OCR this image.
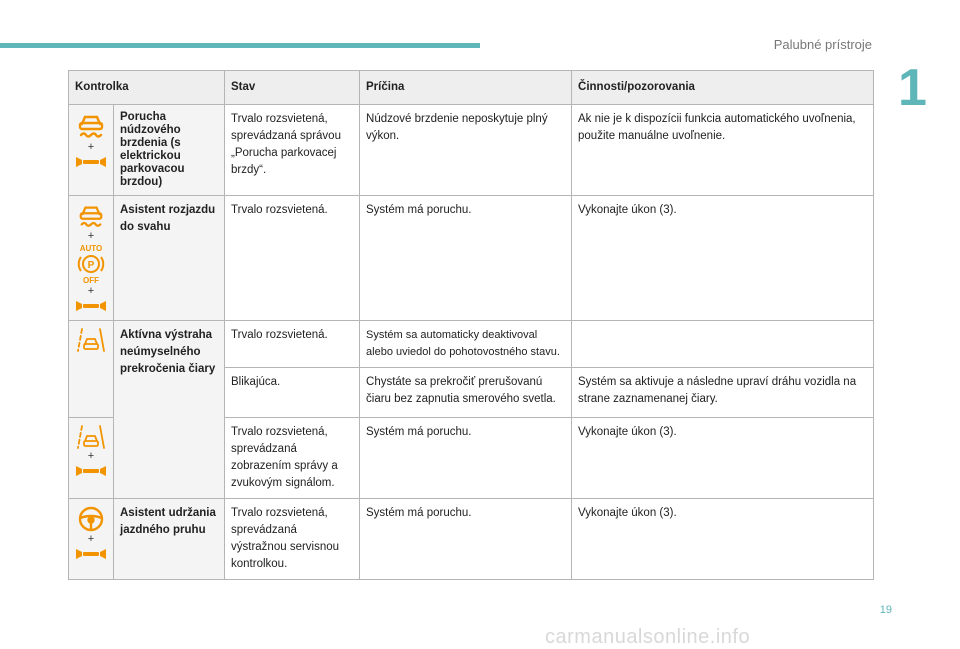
Palubné prístroje
1
Kontrolka		Stav	Príčina	Činnosti/pozorovania

+	Porucha núdzového brzdenia (s elektrickou parkovacou brzdou)	Trvalo rozsvietená, sprevádzaná správou „Porucha parkovacej brzdy“.	Núdzové brzdenie neposkytuje plný výkon.	Ak nie je k dispozícii funkcia automatického uvoľnenia, použite manuálne uvoľnenie.

+
AUTO
P
OFF
+	Asistent rozjazdu do svahu	Trvalo rozsvietená.	Systém má poruchu.	Vykonajte úkon (3).

	Aktívna výstraha neúmyselného prekročenia čiary	Trvalo rozsvietená.	Systém sa automaticky deaktivoval alebo uviedol do pohotovostného stavu.	
		Blikajúca.	Chystáte sa prekročiť prerušovanú čiaru bez zapnutia smerového svetla.	Systém sa aktivuje a následne upraví dráhu vozidla na strane zaznamenanej čiary.

+		Trvalo rozsvietená, sprevádzaná zobrazením správy a zvukovým signálom.	Systém má poruchu.	Vykonajte úkon (3).

+	Asistent udržania jazdného pruhu	Trvalo rozsvietená, sprevádzaná výstražnou servisnou kontrolkou.	Systém má poruchu.	Vykonajte úkon (3).
19
carmanualsonline.info
